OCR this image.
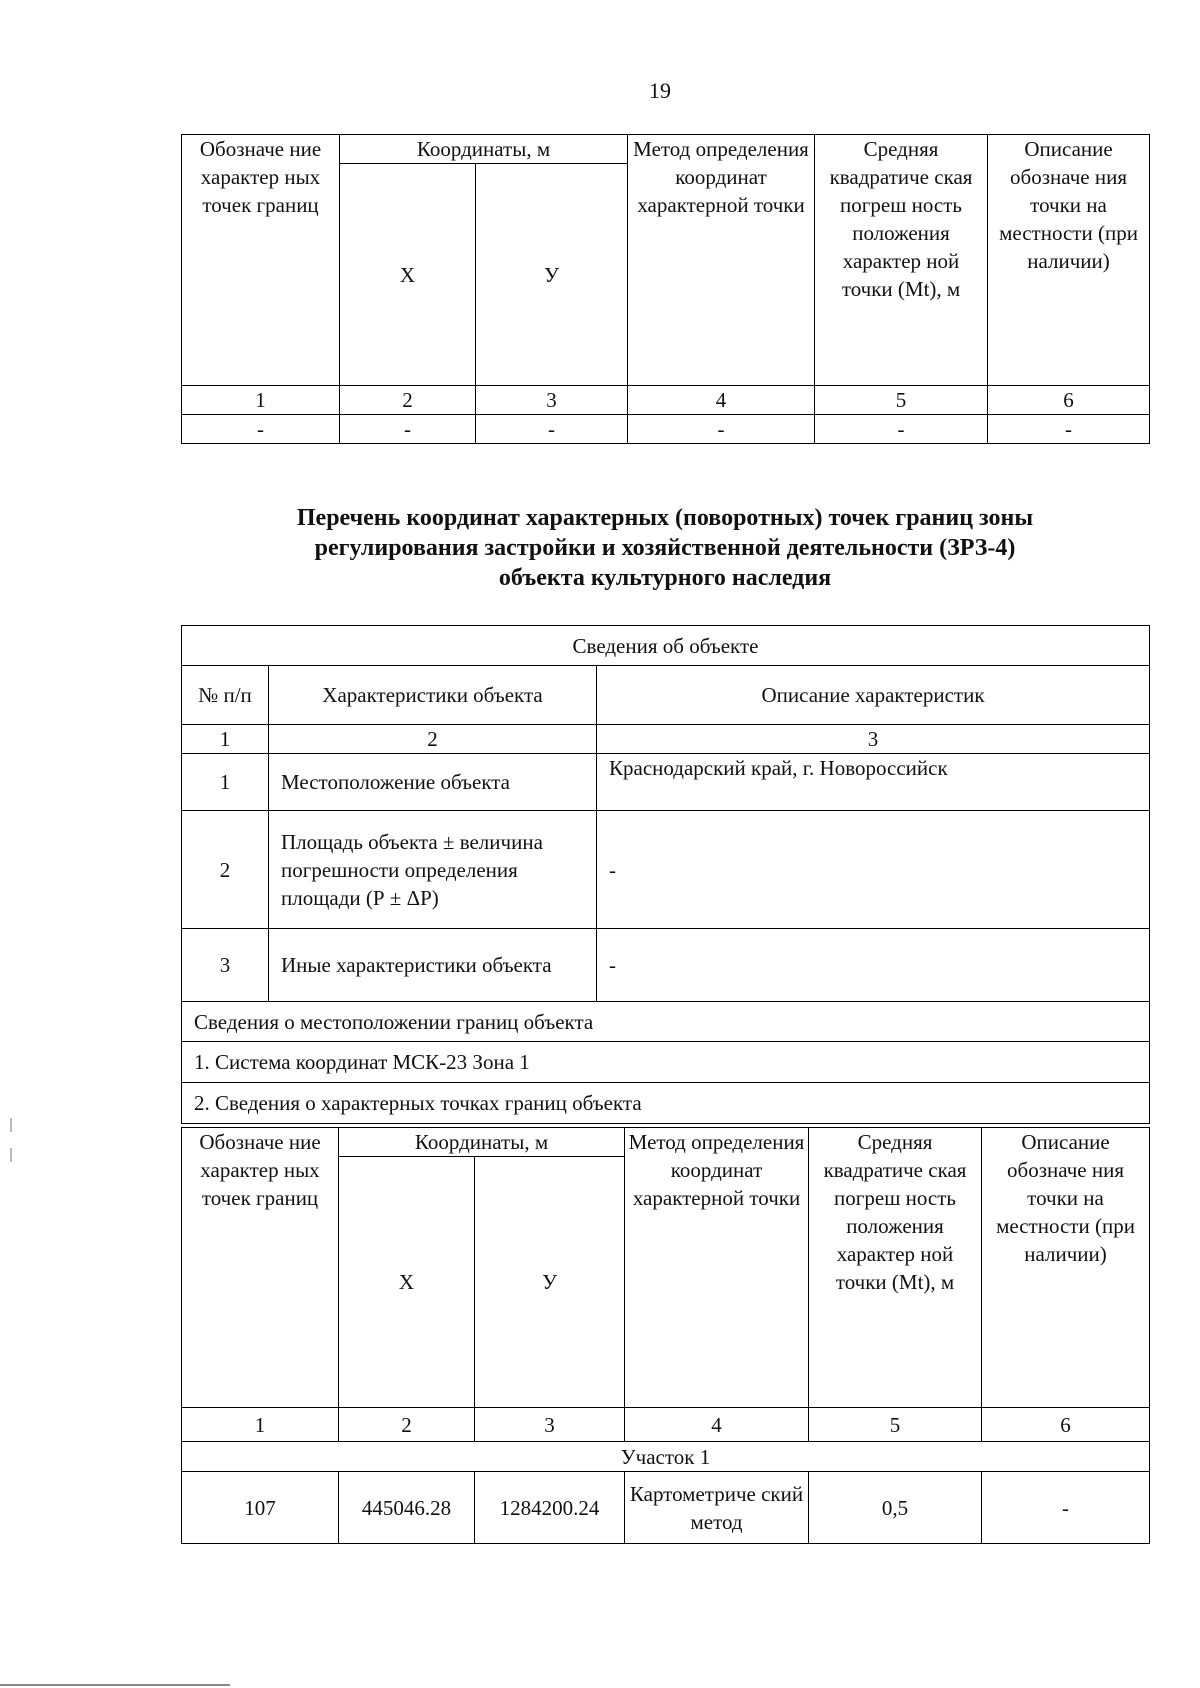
19
Обозначе ние характер ных точек границ	Координаты, м		Метод определения координат характерной точки	Средняя квадратиче ская погреш ность положения характер ной точки (Mt), м	Описание обозначе ния точки на местности (при наличии)
	X	У			
1	2	3	4	5	6
-	-	-	-	-	-
Перечень координат характерных (поворотных) точек границ зоны
регулирования застройки и хозяйственной деятельности (ЗРЗ-4)
объекта культурного наследия
Сведения об объекте		
№ п/п	Характеристики объекта	Описание характеристик
1	2	3
1	Местоположение объекта	Краснодарский край, г. Новороссийск
2	Площадь объекта ± величина погрешности определения площади (Р ± ΔР)	-
3	Иные характеристики объекта	-
Сведения о местоположении границ объекта		
1. Система координат МСК-23 Зона 1		
2. Сведения о характерных точках границ объекта		
Обозначе ние характер ных точек границ	Координаты, м		Метод определения координат характерной точки	Средняя квадратиче ская погреш ность положения характер ной точки (Mt), м	Описание обозначе ния точки на местности (при наличии)
	X	У			
1	2	3	4	5	6
Участок 1					
107	445046.28	1284200.24	Картометриче ский метод	0,5	-
